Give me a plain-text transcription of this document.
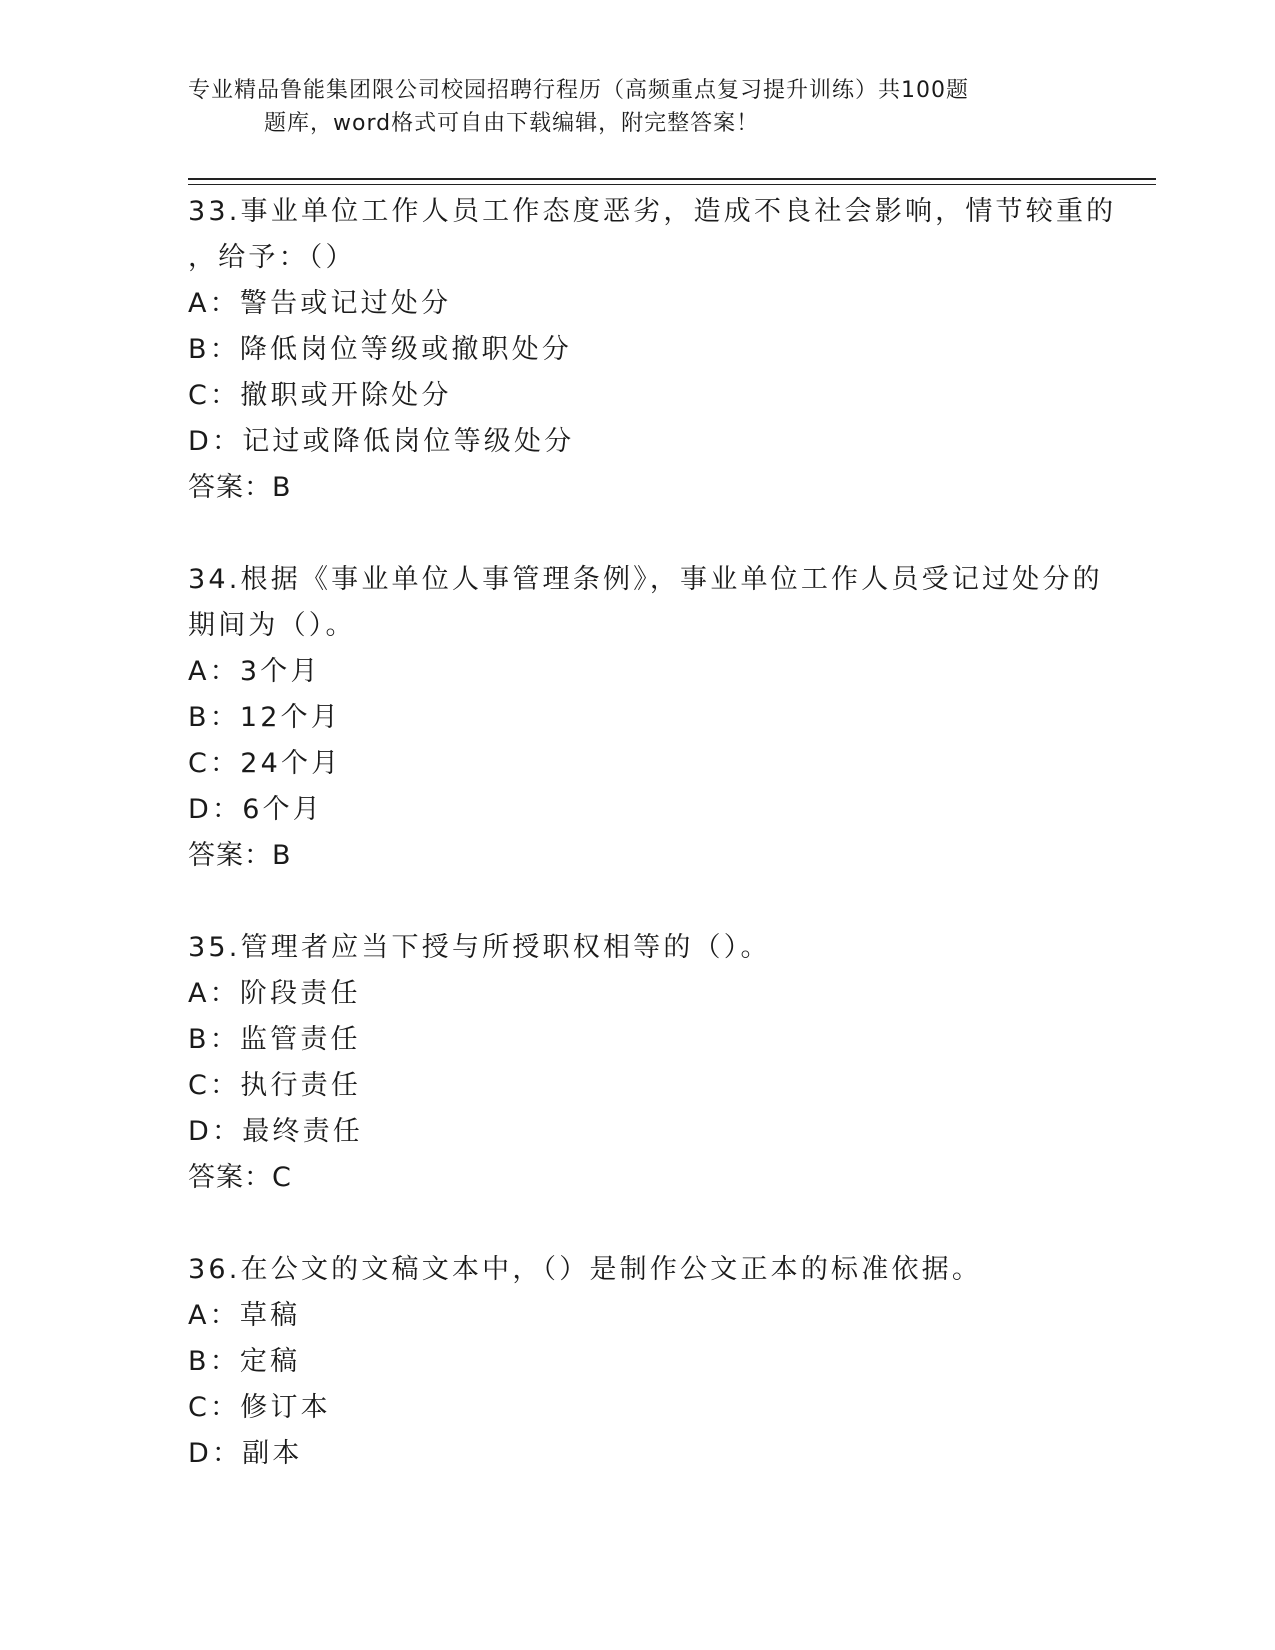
专业精品鲁能集团限公司校园招聘行程历（高频重点复习提升训练）共100题
题库，word格式可自由下载编辑，附完整答案！
33.事业单位工作人员工作态度恶劣，造成不良社会影响，情节较重的
，给予：（）
A：警告或记过处分
B：降低岗位等级或撤职处分
C：撤职或开除处分
D：记过或降低岗位等级处分
答案：B
34.根据《事业单位人事管理条例》，事业单位工作人员受记过处分的
期间为（）。
A：3个月
B：12个月
C：24个月
D：6个月
答案：B
35.管理者应当下授与所授职权相等的（）。
A：阶段责任
B：监管责任
C：执行责任
D：最终责任
答案：C
36.在公文的文稿文本中，（）是制作公文正本的标准依据。
A：草稿
B：定稿
C：修订本
D：副本
